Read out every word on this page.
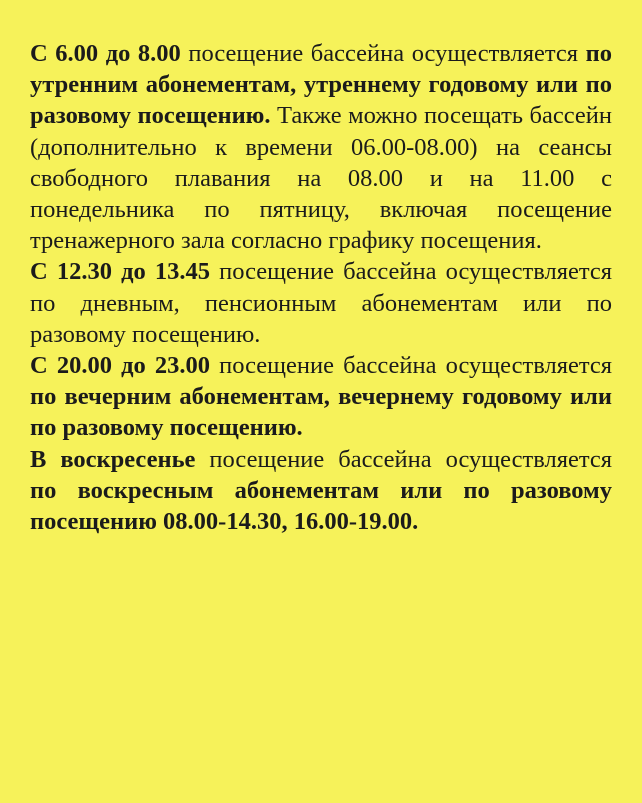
С 6.00 до 8.00 посещение бассейна осуществляется по утренним абонементам, утреннему годовому или по разовому посещению. Также можно посещать бассейн (дополнительно к времени 06.00-08.00) на сеансы свободного плавания на 08.00 и на 11.00 с понедельника по пятницу, включая посещение тренажерного зала согласно графику посещения.

С 12.30 до 13.45 посещение бассейна осуществляется по дневным, пенсионным абонементам или по разовому посещению.

С 20.00 до 23.00 посещение бассейна осуществляется по вечерним абонементам, вечернему годовому или по разовому посещению.

В воскресенье посещение бассейна осуществляется по воскресным абонементам или по разовому посещению 08.00-14.30, 16.00-19.00.
